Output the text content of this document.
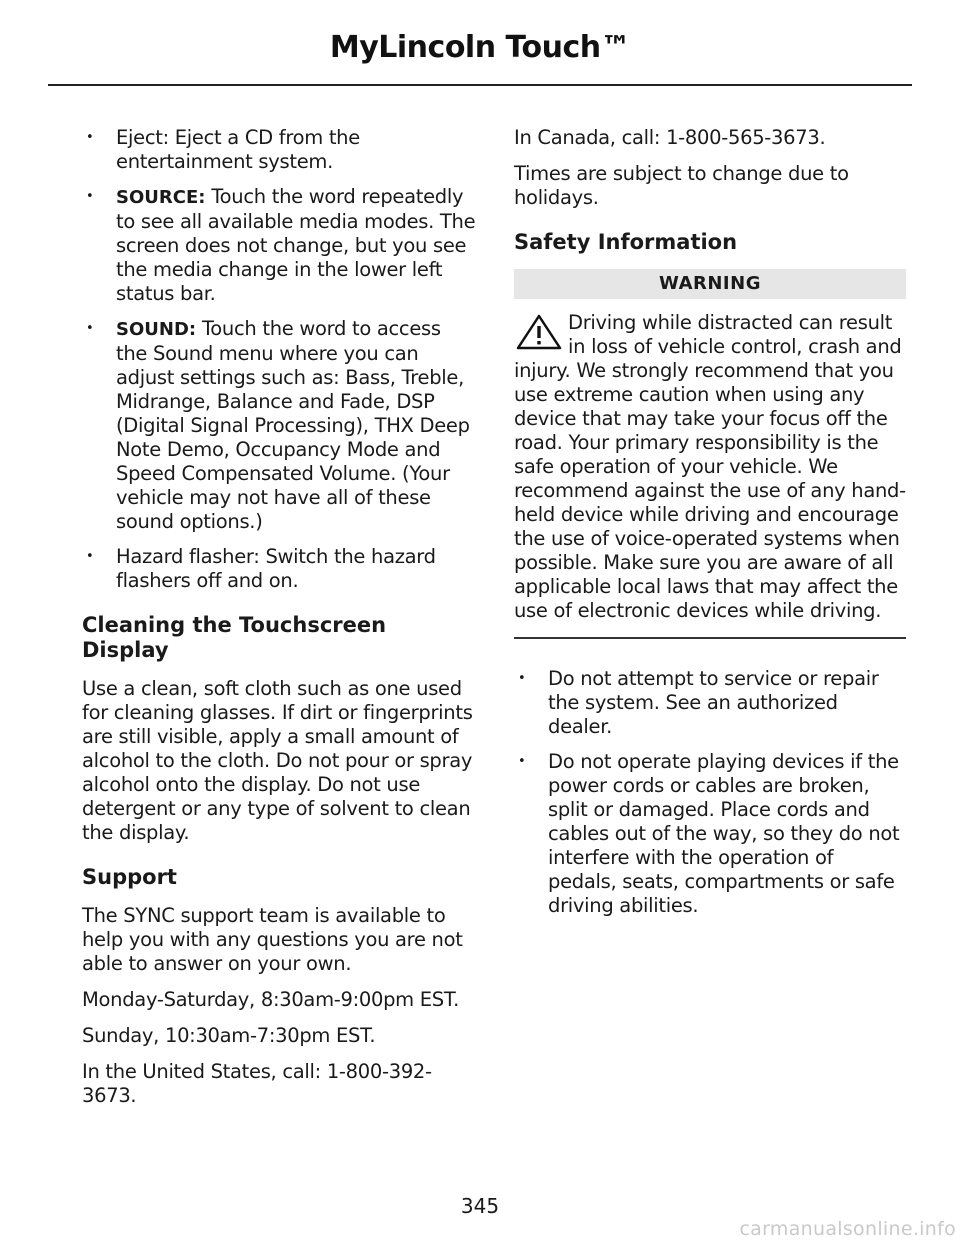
MyLincoln Touch™
• Eject: Eject a CD from the entertainment system.
• SOURCE: Touch the word repeatedly to see all available media modes. The screen does not change, but you see the media change in the lower left status bar.
• SOUND: Touch the word to access the Sound menu where you can adjust settings such as: Bass, Treble, Midrange, Balance and Fade, DSP (Digital Signal Processing), THX Deep Note Demo, Occupancy Mode and Speed Compensated Volume. (Your vehicle may not have all of these sound options.)
• Hazard flasher: Switch the hazard flashers off and on.
Cleaning the Touchscreen Display

Use a clean, soft cloth such as one used for cleaning glasses. If dirt or fingerprints are still visible, apply a small amount of alcohol to the cloth. Do not pour or spray alcohol onto the display. Do not use detergent or any type of solvent to clean the display.

Support

The SYNC support team is available to help you with any questions you are not able to answer on your own.

Monday-Saturday, 8:30am-9:00pm EST.

Sunday, 10:30am-7:30pm EST.

In the United States, call: 1-800-392-3673.

In Canada, call: 1-800-565-3673.

Times are subject to change due to holidays.

Safety Information
WARNING
Driving while distracted can result in loss of vehicle control, crash and injury. We strongly recommend that you use extreme caution when using any device that may take your focus off the road. Your primary responsibility is the safe operation of your vehicle. We recommend against the use of any hand-held device while driving and encourage the use of voice-operated systems when possible. Make sure you are aware of all applicable local laws that may affect the use of electronic devices while driving.
• Do not attempt to service or repair the system. See an authorized dealer.
• Do not operate playing devices if the power cords or cables are broken, split or damaged. Place cords and cables out of the way, so they do not interfere with the operation of pedals, seats, compartments or safe driving abilities.
345
carmanualsonline.info
